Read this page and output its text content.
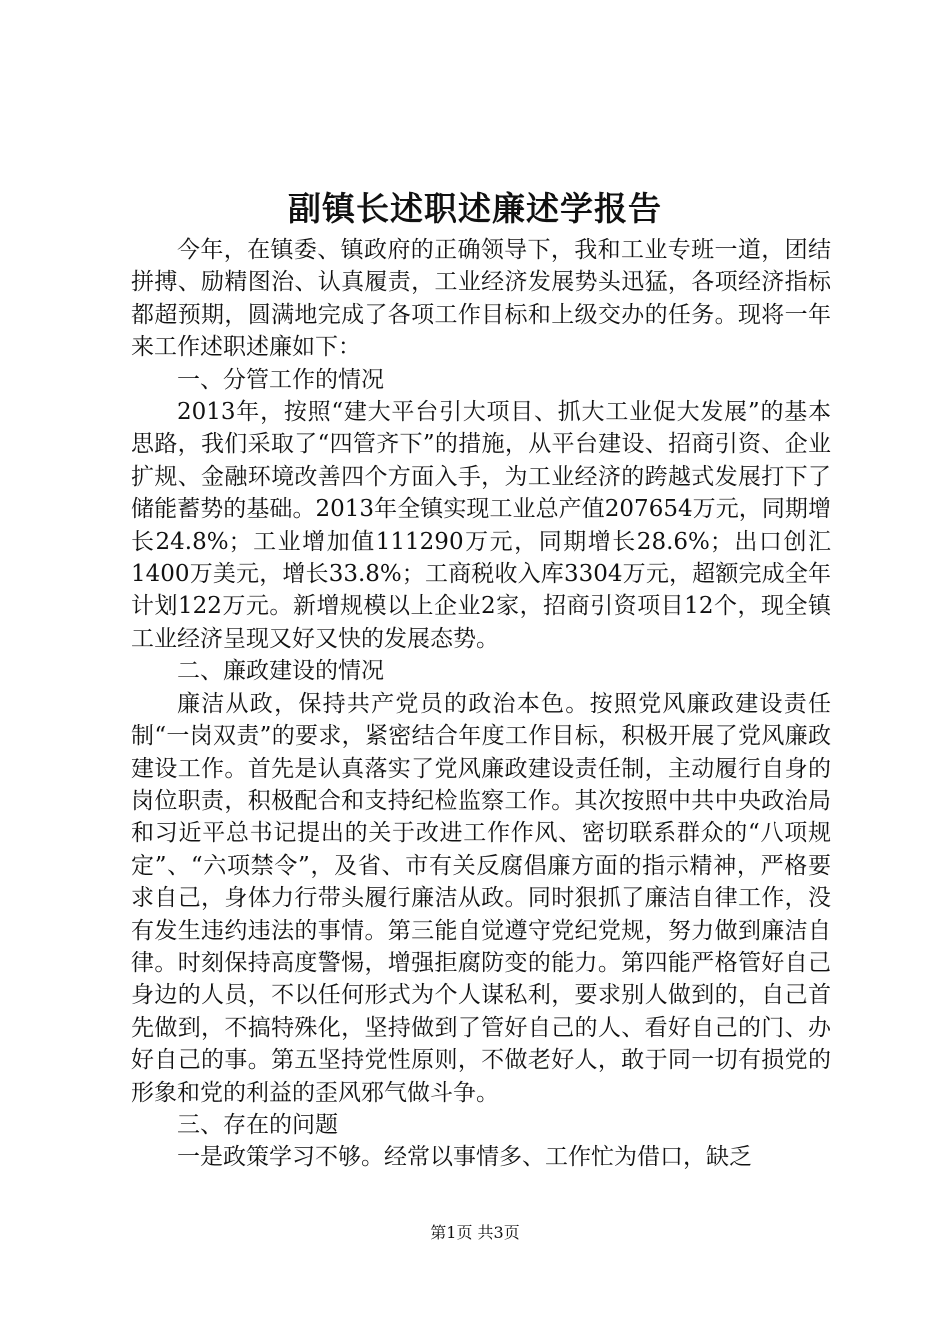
副镇长述职述廉述学报告

今年，在镇委、镇政府的正确领导下，我和工业专班一道，团结拼搏、励精图治、认真履责，工业经济发展势头迅猛，各项经济指标都超预期，圆满地完成了各项工作目标和上级交办的任务。现将一年来工作述职述廉如下：

一、分管工作的情况

2013年，按照“建大平台引大项目、抓大工业促大发展”的基本思路，我们采取了“四管齐下”的措施，从平台建设、招商引资、企业扩规、金融环境改善四个方面入手，为工业经济的跨越式发展打下了储能蓄势的基础。2013年全镇实现工业总产值207654万元，同期增长24.8%；工业增加值111290万元，同期增长28.6%；出口创汇1400万美元，增长33.8%；工商税收入库3304万元，超额完成全年计划122万元。新增规模以上企业2家，招商引资项目12个，现全镇工业经济呈现又好又快的发展态势。

二、廉政建设的情况

廉洁从政，保持共产党员的政治本色。按照党风廉政建设责任制“一岗双责”的要求，紧密结合年度工作目标，积极开展了党风廉政建设工作。首先是认真落实了党风廉政建设责任制，主动履行自身的岗位职责，积极配合和支持纪检监察工作。其次按照中共中央政治局和习近平总书记提出的关于改进工作作风、密切联系群众的“八项规定”、“六项禁令”，及省、市有关反腐倡廉方面的指示精神，严格要求自己，身体力行带头履行廉洁从政。同时狠抓了廉洁自律工作，没有发生违约违法的事情。第三能自觉遵守党纪党规，努力做到廉洁自律。时刻保持高度警惕，增强拒腐防变的能力。第四能严格管好自己身边的人员，不以任何形式为个人谋私利，要求别人做到的，自己首先做到，不搞特殊化，坚持做到了管好自己的人、看好自己的门、办好自己的事。第五坚持党性原则，不做老好人，敢于同一切有损党的形象和党的利益的歪风邪气做斗争。

三、存在的问题

一是政策学习不够。经常以事情多、工作忙为借口，缺乏

第1页 共3页
